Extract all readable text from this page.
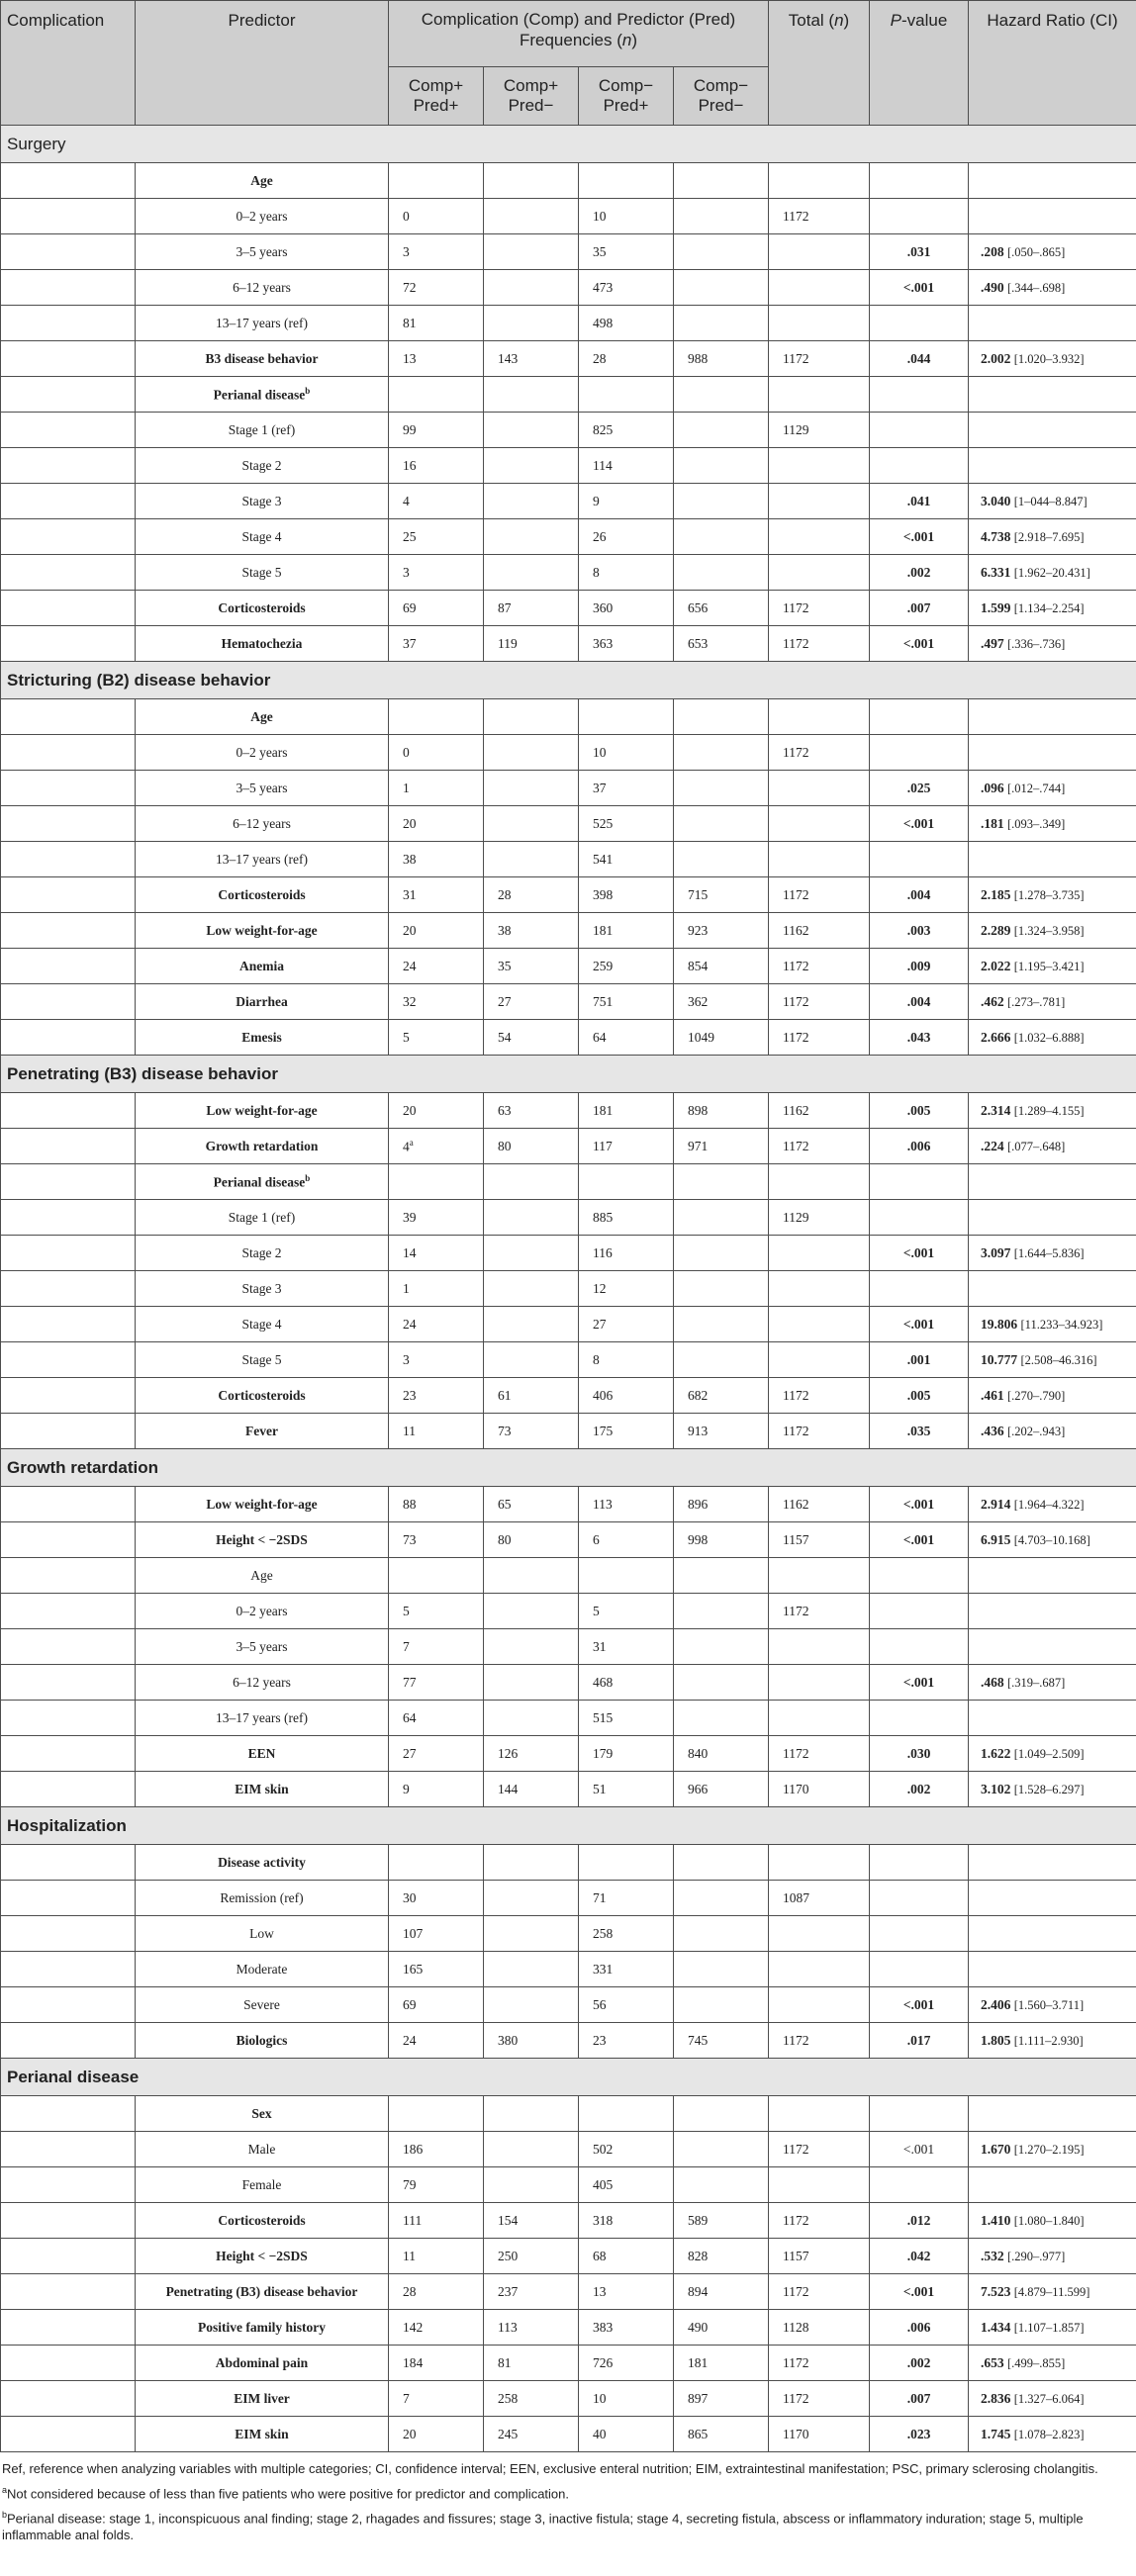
Complication	Predictor	Complication (Comp) and Predictor (Pred) Frequencies (n)				Total (n)	P-value	Hazard Ratio (CI)
		Comp+ Pred+	Comp+ Pred−	Comp− Pred+	Comp− Pred−			
Surgery								
	Age							
	0–2 years	0		10		1172		
	3–5 years	3		35			.031	.208 [.050–.865]
	6–12 years	72		473			<.001	.490 [.344–.698]
	13–17 years (ref)	81		498				
	B3 disease behavior	13	143	28	988	1172	.044	2.002 [1.020–3.932]
	Perianal disease$^b$							
	Stage 1 (ref)	99		825		1129		
	Stage 2	16		114				
	Stage 3	4		9			.041	3.040 [1–044–8.847]
	Stage 4	25		26			<.001	4.738 [2.918–7.695]
	Stage 5	3		8			.002	6.331 [1.962–20.431]
	Corticosteroids	69	87	360	656	1172	.007	1.599 [1.134–2.254]
	Hematochezia	37	119	363	653	1172	<.001	.497 [.336–.736]
Stricturing (B2) disease behavior								
	Age							
	0–2 years	0		10		1172		
	3–5 years	1		37			.025	.096 [.012–.744]
	6–12 years	20		525			<.001	.181 [.093–.349]
	13–17 years (ref)	38		541				
	Corticosteroids	31	28	398	715	1172	.004	2.185 [1.278–3.735]
	Low weight-for-age	20	38	181	923	1162	.003	2.289 [1.324–3.958]
	Anemia	24	35	259	854	1172	.009	2.022 [1.195–3.421]
	Diarrhea	32	27	751	362	1172	.004	.462 [.273–.781]
	Emesis	5	54	64	1049	1172	.043	2.666 [1.032–6.888]
Penetrating (B3) disease behavior								
	Low weight-for-age	20	63	181	898	1162	.005	2.314 [1.289–4.155]
	Growth retardation	4$^a$	80	117	971	1172	.006	.224 [.077–.648]
	Perianal disease$^b$							
	Stage 1 (ref)	39		885		1129		
	Stage 2	14		116			<.001	3.097 [1.644–5.836]
	Stage 3	1		12				
	Stage 4	24		27			<.001	19.806 [11.233–34.923]
	Stage 5	3		8			.001	10.777 [2.508–46.316]
	Corticosteroids	23	61	406	682	1172	.005	.461 [.270–.790]
	Fever	11	73	175	913	1172	.035	.436 [.202–.943]
Growth retardation								
	Low weight-for-age	88	65	113	896	1162	<.001	2.914 [1.964–4.322]
	Height < −2SDS	73	80	6	998	1157	<.001	6.915 [4.703–10.168]
	Age							
	0–2 years	5		5		1172		
	3–5 years	7		31				
	6–12 years	77		468			<.001	.468 [.319–.687]
	13–17 years (ref)	64		515				
	EEN	27	126	179	840	1172	.030	1.622 [1.049–2.509]
	EIM skin	9	144	51	966	1170	.002	3.102 [1.528–6.297]
Hospitalization								
	Disease activity							
	Remission (ref)	30		71		1087		
	Low	107		258				
	Moderate	165		331				
	Severe	69		56			<.001	2.406 [1.560–3.711]
	Biologics	24	380	23	745	1172	.017	1.805 [1.111–2.930]
Perianal disease								
	Sex							
	Male	186		502		1172	<.001	1.670 [1.270–2.195]
	Female	79		405				
	Corticosteroids	111	154	318	589	1172	.012	1.410 [1.080–1.840]
	Height < −2SDS	11	250	68	828	1157	.042	.532 [.290–.977]
	Penetrating (B3) disease behavior	28	237	13	894	1172	<.001	7.523 [4.879–11.599]
	Positive family history	142	113	383	490	1128	.006	1.434 [1.107–1.857]
	Abdominal pain	184	81	726	181	1172	.002	.653 [.499–.855]
	EIM liver	7	258	10	897	1172	.007	2.836 [1.327–6.064]
	EIM skin	20	245	40	865	1170	.023	1.745 [1.078–2.823]

Ref, reference when analyzing variables with multiple categories; CI, confidence interval; EEN, exclusive enteral nutrition; EIM, extraintestinal manifestation; PSC, primary sclerosing cholangitis.

$^a$Not considered because of less than five patients who were positive for predictor and complication.

$^b$Perianal disease: stage 1, inconspicuous anal finding; stage 2, rhagades and fissures; stage 3, inactive fistula; stage 4, secreting fistula, abscess or inflammatory induration; stage 5, multiple inflammable anal folds.
